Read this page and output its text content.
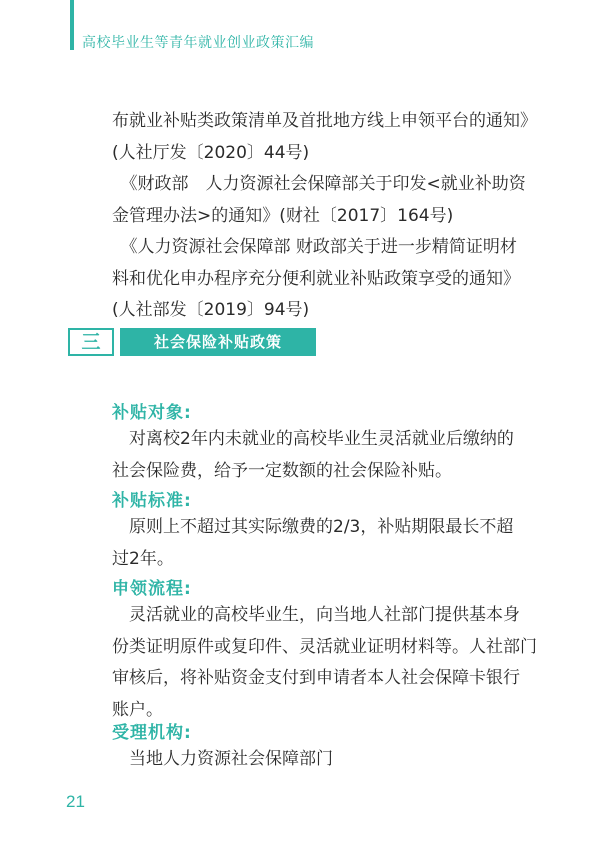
高校毕业生等青年就业创业政策汇编
布就业补贴类政策清单及首批地方线上申领平台的通知》
(人社厅发〔2020〕44号)
　《财政部　人力资源社会保障部关于印发<就业补助资
金管理办法>的通知》(财社〔2017〕164号)
　《人力资源社会保障部 财政部关于进一步精简证明材
料和优化申办程序充分便利就业补贴政策享受的通知》
(人社部发〔2019〕94号)
三	社会保险补贴政策
补贴对象:
　对离校2年内未就业的高校毕业生灵活就业后缴纳的
社会保险费，给予一定数额的社会保险补贴。
补贴标准:
　原则上不超过其实际缴费的2/3，补贴期限最长不超
过2年。
申领流程:
　灵活就业的高校毕业生，向当地人社部门提供基本身
份类证明原件或复印件、灵活就业证明材料等。人社部门
审核后，将补贴资金支付到申请者本人社会保障卡银行
账户。
受理机构:
　当地人力资源社会保障部门
21
